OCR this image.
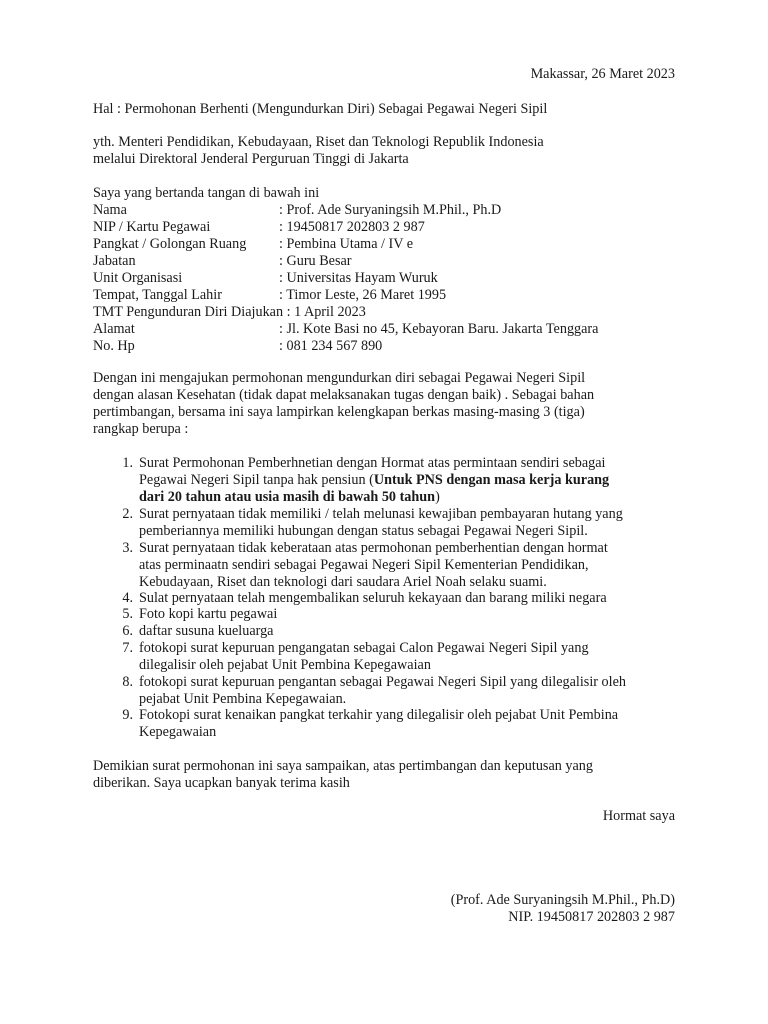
Makassar, 26 Maret 2023
Hal : Permohonan Berhenti (Mengundurkan Diri) Sebagai Pegawai Negeri Sipil
yth. Menteri Pendidikan, Kebudayaan, Riset dan Teknologi Republik Indonesia
melalui Direktoral Jenderal Perguruan Tinggi di Jakarta
Saya yang bertanda tangan di bawah ini
Nama	: Prof. Ade Suryaningsih M.Phil., Ph.D
NIP / Kartu Pegawai	: 19450817 202803 2 987
Pangkat / Golongan Ruang : Pembina Utama / IV e
Jabatan	: Guru Besar
Unit Organisasi	: Universitas Hayam Wuruk
Tempat, Tanggal Lahir	: Timor Leste, 26 Maret 1995
TMT Pengunduran Diri Diajukan : 1 April 2023
Alamat	: Jl. Kote Basi no 45, Kebayoran Baru. Jakarta Tenggara
No. Hp	: 081 234 567 890
Dengan ini mengajukan permohonan mengundurkan diri sebagai Pegawai Negeri Sipil
dengan alasan Kesehatan (tidak dapat melaksanakan tugas dengan baik) . Sebagai bahan
pertimbangan, bersama ini saya lampirkan kelengkapan berkas masing-masing 3 (tiga)
rangkap berupa :
1. Surat Permohonan Pemberhnetian dengan Hormat atas permintaan sendiri sebagai
Pegawai Negeri Sipil tanpa hak pensiun (Untuk PNS dengan masa kerja kurang
dari 20 tahun atau usia masih di bawah 50 tahun)
2. Surat pernyataan tidak memiliki / telah melunasi kewajiban pembayaran hutang yang
pemberiannya memiliki hubungan dengan status sebagai Pegawai Negeri Sipil.
3. Surat pernyataan tidak keberataan atas permohonan pemberhentian dengan hormat
atas perminaatn sendiri sebagai Pegawai Negeri Sipil Kementerian Pendidikan,
Kebudayaan, Riset dan teknologi dari saudara Ariel Noah selaku suami.
4. Sulat pernyataan telah mengembalikan seluruh kekayaan dan barang miliki negara
5. Foto kopi kartu pegawai
6. daftar susuna kueluarga
7. fotokopi surat kepuruan pengangatan sebagai Calon Pegawai Negeri Sipil yang
dilegalisir oleh pejabat Unit Pembina Kepegawaian
8. fotokopi surat kepuruan pengantan sebagai Pegawai Negeri Sipil yang dilegalisir oleh
pejabat Unit Pembina Kepegawaian.
9. Fotokopi surat kenaikan pangkat terkahir yang dilegalisir oleh pejabat Unit Pembina
Kepegawaian
Demikian surat permohonan ini saya sampaikan, atas pertimbangan dan keputusan yang
diberikan. Saya ucapkan banyak terima kasih
Hormat saya
(Prof. Ade Suryaningsih M.Phil., Ph.D)
NIP. 19450817 202803 2 987
